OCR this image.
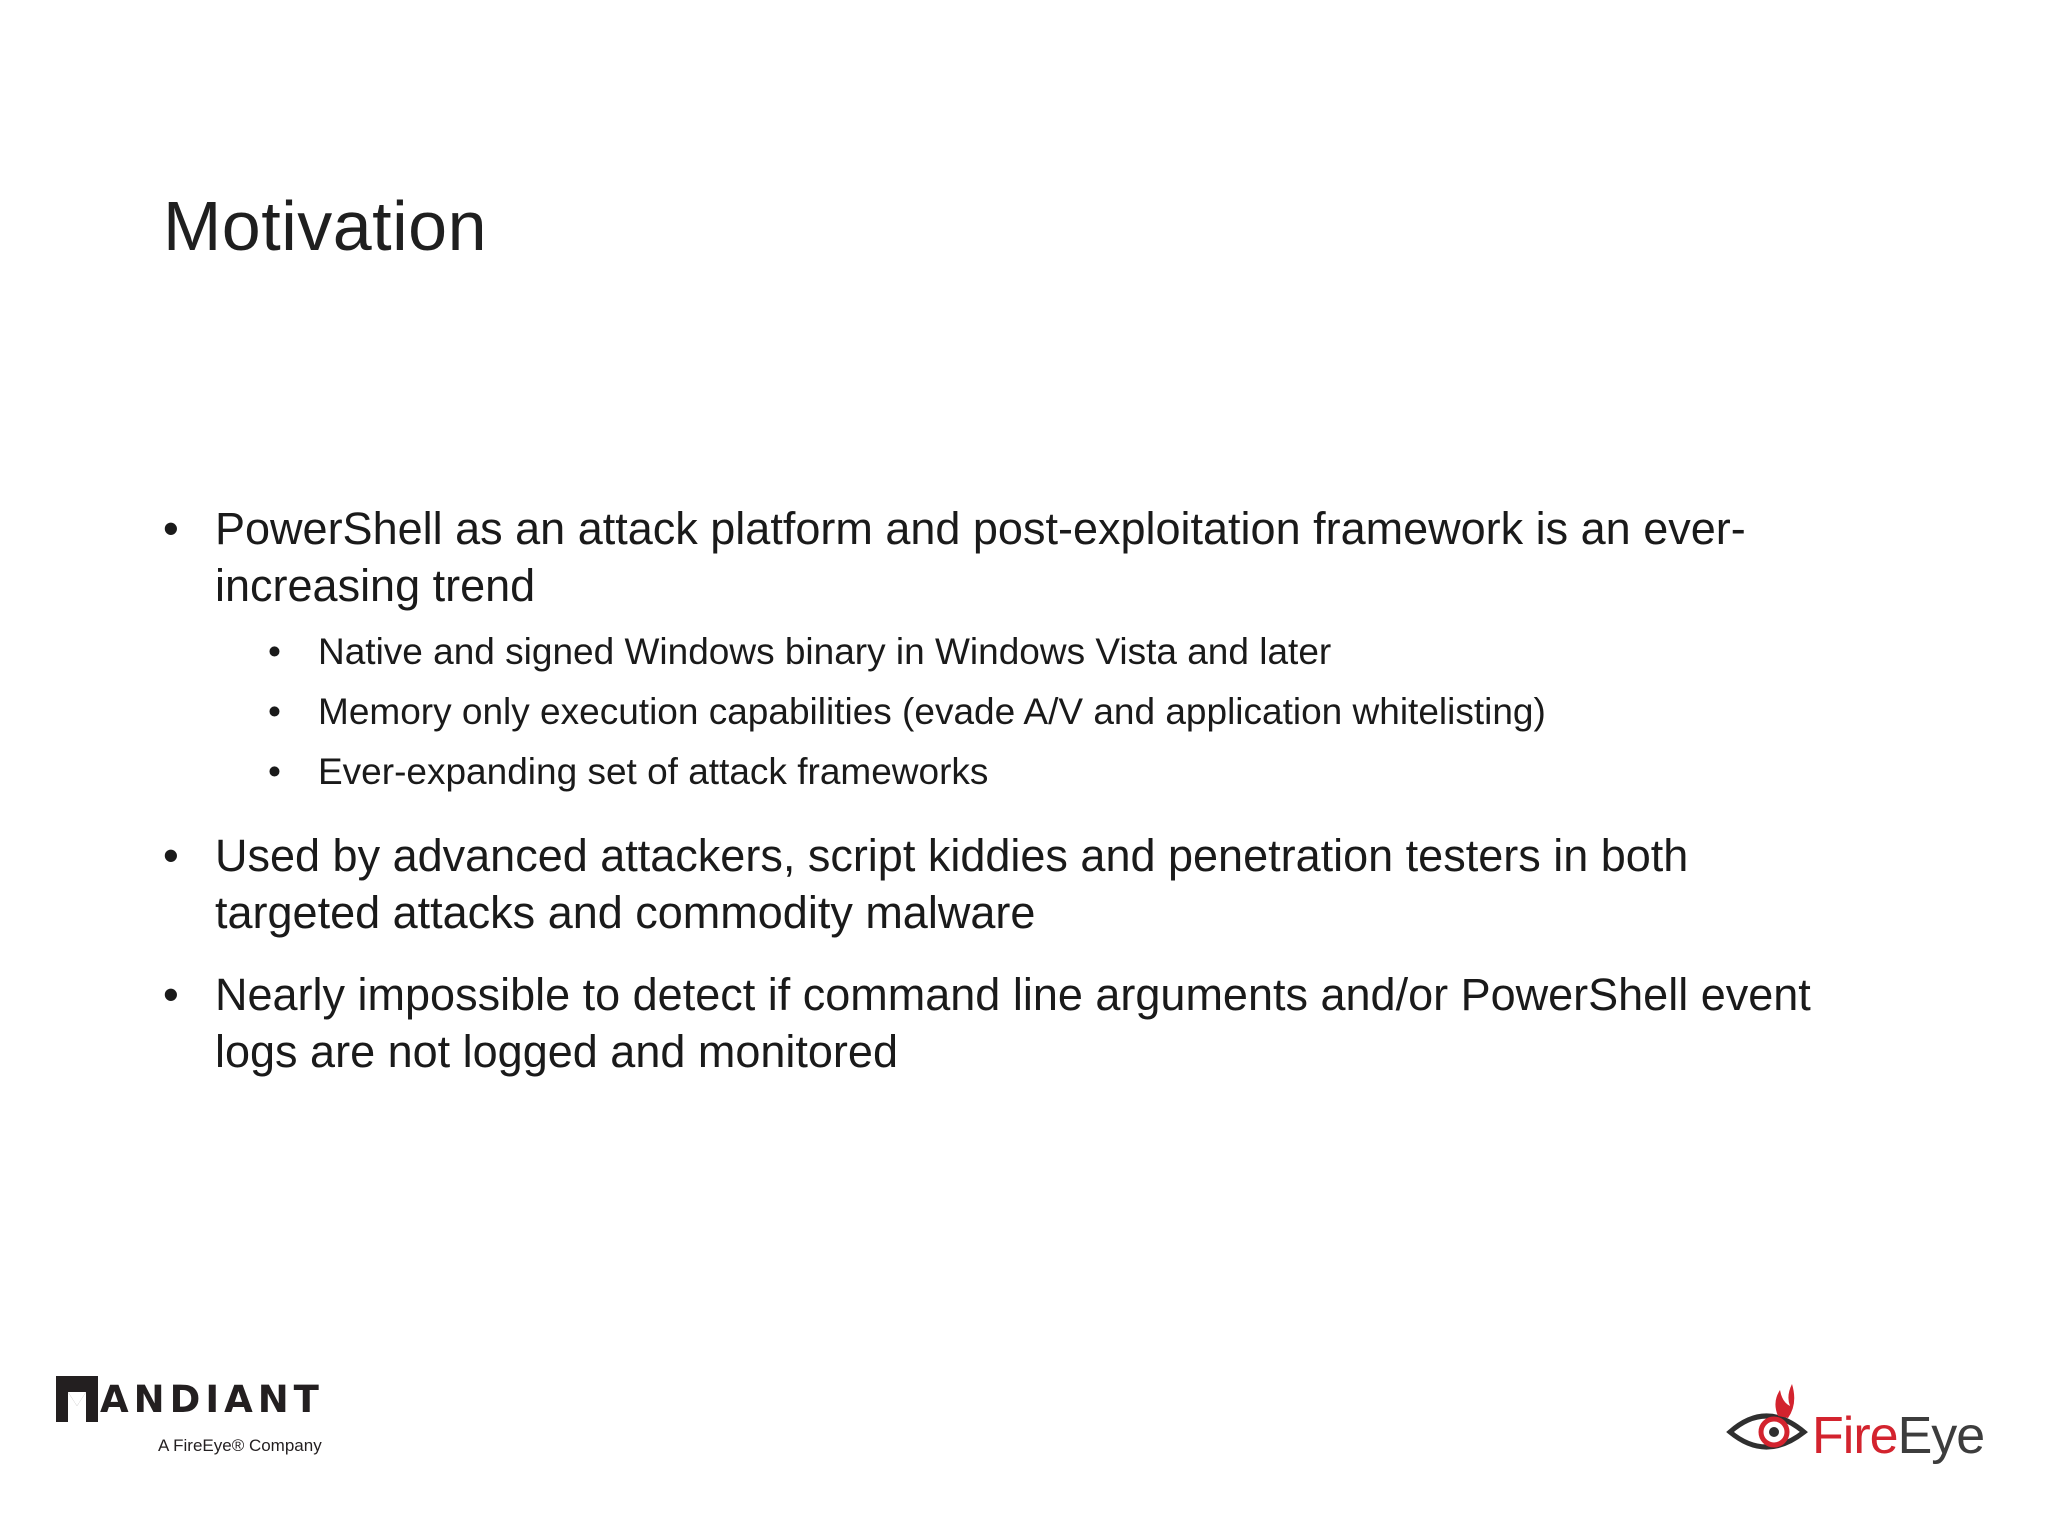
Motivation
• PowerShell as an attack platform and post-exploitation framework is an ever-increasing trend
• Native and signed Windows binary in Windows Vista and later
• Memory only execution capabilities (evade A/V and application whitelisting)
• Ever-expanding set of attack frameworks
• Used by advanced attackers, script kiddies and penetration testers in both targeted attacks and commodity malware
• Nearly impossible to detect if command line arguments and/or PowerShell event logs are not logged and monitored
ANDIANT
A FireEye® Company	FireEye
